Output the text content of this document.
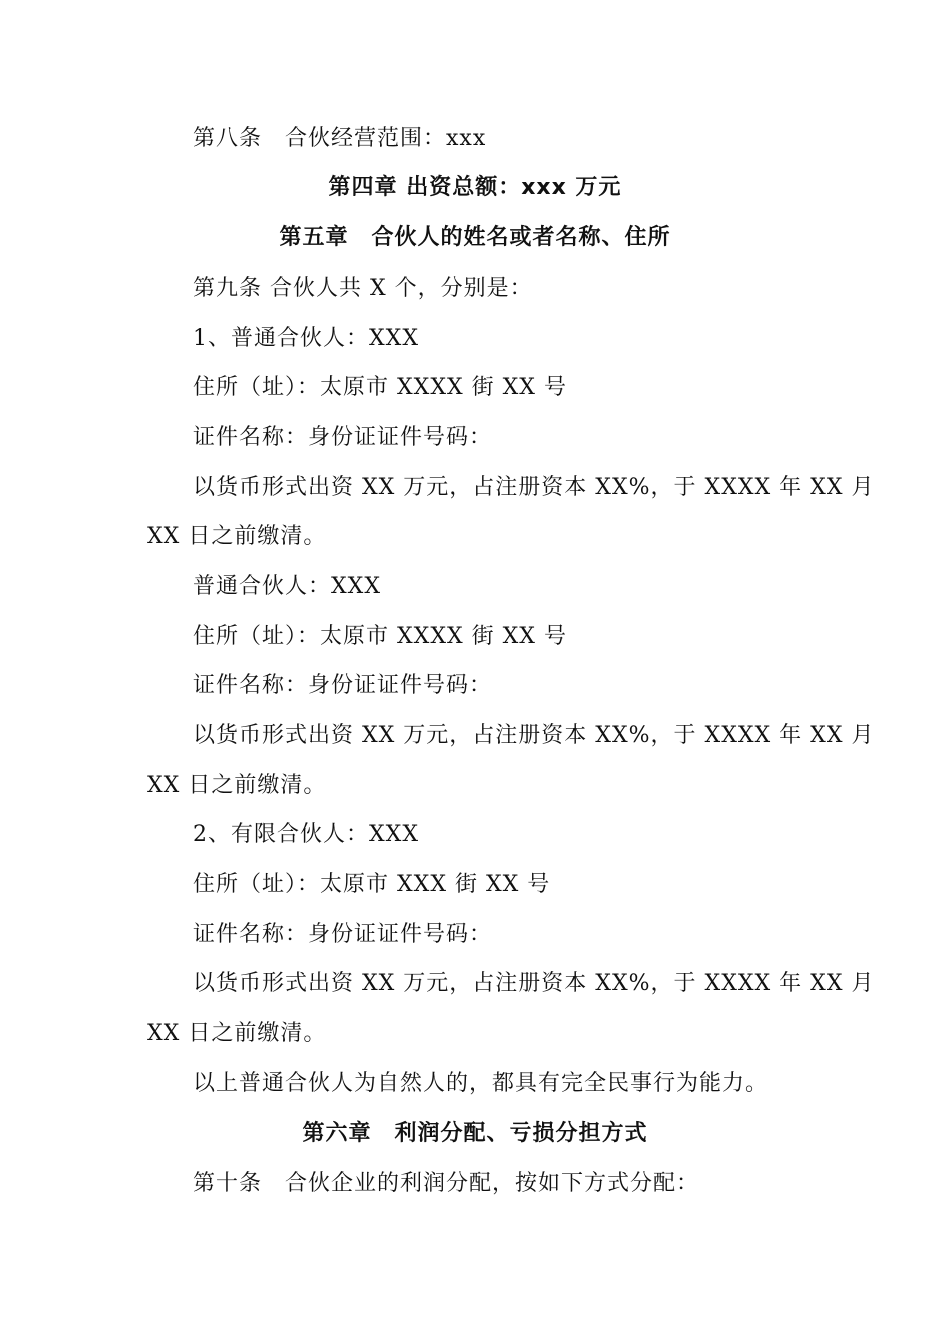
第八条　合伙经营范围：xxx
第四章 出资总额：xxx 万元
第五章　合伙人的姓名或者名称、住所
第九条 合伙人共 X 个，分别是：
1、普通合伙人：XXX
住所（址）：太原市 XXXX 街 XX 号
证件名称：身份证证件号码：
以货币形式出资 XX 万元，占注册资本 XX%，于 XXXX 年 XX 月
XX 日之前缴清。
普通合伙人：XXX
住所（址）：太原市 XXXX 街 XX 号
证件名称：身份证证件号码：
以货币形式出资 XX 万元，占注册资本 XX%，于 XXXX 年 XX 月
XX 日之前缴清。
2、有限合伙人：XXX
住所（址）：太原市 XXX 街 XX 号
证件名称：身份证证件号码：
以货币形式出资 XX 万元，占注册资本 XX%，于 XXXX 年 XX 月
XX 日之前缴清。
以上普通合伙人为自然人的，都具有完全民事行为能力。
第六章　利润分配、亏损分担方式
第十条　合伙企业的利润分配，按如下方式分配：
